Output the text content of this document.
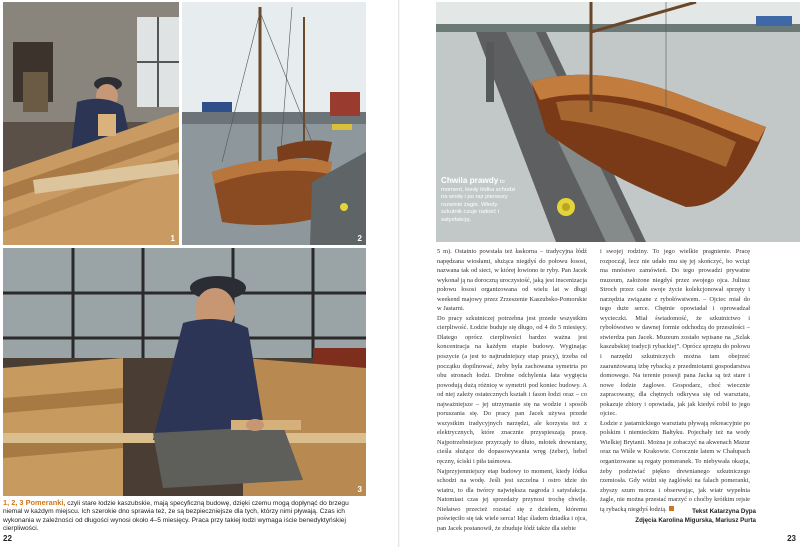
1	2
3
1, 2, 3 Pomeranki, czyli stare łodzie kaszubskie, mają specyficzną budowę, dzięki czemu mogą dopłynąć do brzegu niemal w każdym miejscu. Ich szerokie dno sprawia też, że są bezpieczniejsze dla tych, którzy nimi pływają. Czas ich wykonania w zależności od długości wynosi około 4–5 miesięcy. Praca przy takiej łodzi wymaga iście benedyktyńskiej cierpliwości.
22
Chwila prawdy to moment, kiedy łódka schodzi na wodę i po raz pierwszy rozwinie żagle. Wtedy szkutnik czuje radość i satysfakcję.

5 m). Ostatnio powstała też łaskorna – tradycyjna łódź napędzana wiosłami, służąca niegdyś do połowu łososi, nazwana tak od sieci, w której łowiono te ryby. Pan Jacek wykonał ją na doroczną uroczystość, jaką jest inscenizacja połowu łososi organizowana od wielu lat w długi weekend majowy przez Zrzeszenie Kaszubsko-Pomorskie w Jastarni.

Do pracy szkutniczej potrzebna jest przede wszystkim cierpliwość. Łodzie buduje się długo, od 4 do 5 miesięcy. Dlatego oprócz cierpliwości bardzo ważna jest koncentracja na każdym etapie budowy. Wyginając poszycie (a jest to najtrudniejszy etap pracy), trzeba od początku dopilnować, żeby była zachowana symetria po obu stronach łodzi. Drobne odchylenia łata wygięcia powodują dużą różnicę w symetrii pod koniec budowy. A od niej zależy ostatecznych kształt i fason łodzi oraz – co najważniejsze – jej utrzymanie się na wodzie i sposób poruszania się. Do pracy pan Jacek używa przede wszystkim tradycyjnych narzędzi, ale korzysta też z elektrycznych, które znacznie przyspieszają pracę. Najpotrzebniejsze przyrządy to dłuto, młotek drewniany, cieśla służące do dopasowywania wręg (żeber), hebel ręczny, ściski i piła taśmowa.

Najprzyjemniejszy etap budowy to moment, kiedy łódka schodzi na wodę. Jeśli jest szczelna i ostro idzie do wiatru, to dla twórcy największa nagroda i satysfakcja. Natomiast czas jej sprzedaży przynosi trochę chwilę. Niełatwo przecież rozstać się z dziełem, któremu poświęciło się tak wiele serca! Idąc śladem dziadka i ojca, pan Jacek postanowił, że zbuduje łódź także dla siebie

i swojej rodziny. To jego wielkie pragnienie. Pracę rozpoczął, lecz nie udało mu się jej skończyć, bo wciąż ma mnóstwo zamówień. Do tego prowadzi prywatne muzeum, założone niegdyś przez swojego ojca. Juliusz Stroch przez całe swoje życie kolekcjonował sprzęty i narzędzia związane z rybołówstwem. – Ojciec miał do tego duże serce. Chętnie opowiadał i oprowadzał wycieczki. Miał świadomość, że szkutnictwo i rybołówstwo w dawnej formie odchodzą do przeszłości – stwierdza pan Jacek. Muzeum zostało wpisane na „Szlak kaszubskiej tradycji rybackiej”. Oprócz sprzętu do połowu i narzędzi szkutniczych można tam obejrzeć zaaranżowaną izbę rybacką z przedmiotami gospodarstwa domowego. Na terenie posesji pana Jacka są też stare i nowe łodzie żaglowe. Gospodarz, choć wiecznie zapracowany, dla chętnych odkrywa się od warsztatu, pokazuje zbiory i opowiada, jak jak kiedyś robił to jego ojciec.

Łodzie z jastarnickiego warsztatu pływają rekreacyjnie po polskim i niemieckim Bałtyku. Pojechały też na wody Wielkiej Brytanii. Można je zobaczyć na akwenach Mazur oraz na Wiśle w Krakowie. Corocznie latem w Chałupach organizowane są regaty pomeranek. To niebywała okazja, żeby podziwiać piękno drewnianego szkutniczego rzemiosła. Gdy widzi się żaglówki na falach pomeranki, zbyszy szum morza i obserwując, jak wiatr wypełnia żagle, nie można przestać marzyć o choćby krótkim rejsie tą rybacką niegdyś łodzią.	Tekst Katarzyna Dypa
Zdjęcia Karolina Migurska, Mariusz Purta
23
